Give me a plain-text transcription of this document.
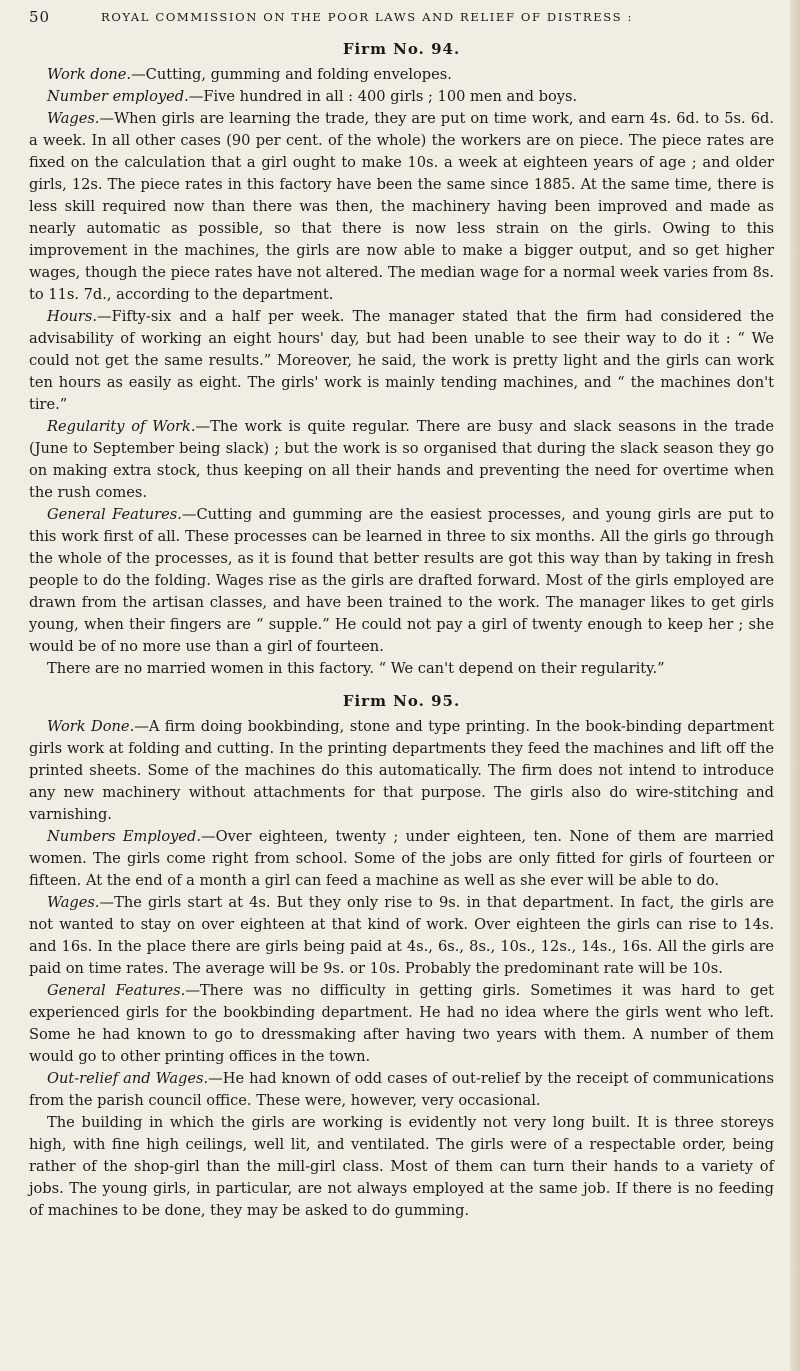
50	ROYAL COMMISSION ON THE POOR LAWS AND RELIEF OF DISTRESS :
Firm No. 94.

Work done.—Cutting, gumming and folding envelopes.

Number employed.—Five hundred in all : 400 girls ; 100 men and boys.

Wages.—When girls are learning the trade, they are put on time work, and earn 4s. 6d. to 5s. 6d. a week. In all other cases (90 per cent. of the whole) the workers are on piece. The piece rates are fixed on the calculation that a girl ought to make 10s. a week at eighteen years of age ; and older girls, 12s. The piece rates in this factory have been the same since 1885. At the same time, there is less skill required now than there was then, the machinery having been improved and made as nearly automatic as possible, so that there is now less strain on the girls. Owing to this improvement in the machines, the girls are now able to make a bigger output, and so get higher wages, though the piece rates have not altered. The median wage for a normal week varies from 8s. to 11s. 7d., according to the department.

Hours.—Fifty-six and a half per week. The manager stated that the firm had considered the advisability of working an eight hours' day, but had been unable to see their way to do it : “ We could not get the same results.” Moreover, he said, the work is pretty light and the girls can work ten hours as easily as eight. The girls' work is mainly tending machines, and “ the machines don't tire.”

Regularity of Work.—The work is quite regular. There are busy and slack seasons in the trade (June to September being slack) ; but the work is so organised that during the slack season they go on making extra stock, thus keeping on all their hands and preventing the need for overtime when the rush comes.

General Features.—Cutting and gumming are the easiest processes, and young girls are put to this work first of all. These processes can be learned in three to six months. All the girls go through the whole of the processes, as it is found that better results are got this way than by taking in fresh people to do the folding. Wages rise as the girls are drafted forward. Most of the girls employed are drawn from the artisan classes, and have been trained to the work. The manager likes to get girls young, when their fingers are “ supple.” He could not pay a girl of twenty enough to keep her ; she would be of no more use than a girl of fourteen.

There are no married women in this factory. “ We can't depend on their regularity.”

Firm No. 95.

Work Done.—A firm doing bookbinding, stone and type printing. In the book-binding department girls work at folding and cutting. In the printing departments they feed the machines and lift off the printed sheets. Some of the machines do this automatically. The firm does not intend to introduce any new machinery without attachments for that purpose. The girls also do wire-stitching and varnishing.

Numbers Employed.—Over eighteen, twenty ; under eighteen, ten. None of them are married women. The girls come right from school. Some of the jobs are only fitted for girls of fourteen or fifteen. At the end of a month a girl can feed a machine as well as she ever will be able to do.

Wages.—The girls start at 4s. But they only rise to 9s. in that department. In fact, the girls are not wanted to stay on over eighteen at that kind of work. Over eighteen the girls can rise to 14s. and 16s. In the place there are girls being paid at 4s., 6s., 8s., 10s., 12s., 14s., 16s. All the girls are paid on time rates. The average will be 9s. or 10s. Probably the predominant rate will be 10s.

General Features.—There was no difficulty in getting girls. Sometimes it was hard to get experienced girls for the bookbinding department. He had no idea where the girls went who left. Some he had known to go to dressmaking after having two years with them. A number of them would go to other printing offices in the town.

Out-relief and Wages.—He had known of odd cases of out-relief by the receipt of communications from the parish council office. These were, however, very occasional.

The building in which the girls are working is evidently not very long built. It is three storeys high, with fine high ceilings, well lit, and ventilated. The girls were of a respectable order, being rather of the shop-girl than the mill-girl class. Most of them can turn their hands to a variety of jobs. The young girls, in particular, are not always employed at the same job. If there is no feeding of machines to be done, they may be asked to do gumming.
